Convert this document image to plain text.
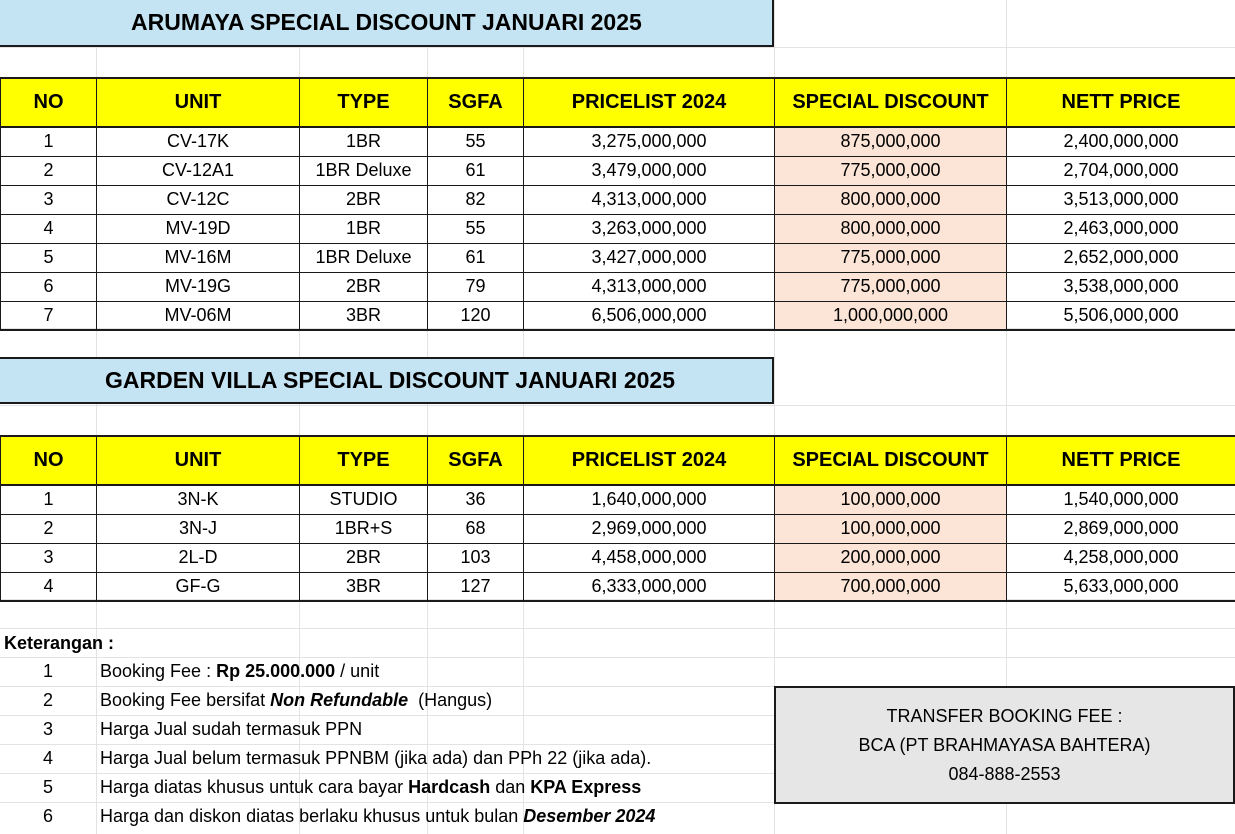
ARUMAYA SPECIAL DISCOUNT JANUARI 2025
NO	UNIT	TYPE	SGFA	PRICELIST 2024	SPECIAL DISCOUNT	NETT PRICE
1	CV-17K	1BR	55	3,275,000,000	875,000,000	2,400,000,000
2	CV-12A1	1BR Deluxe	61	3,479,000,000	775,000,000	2,704,000,000
3	CV-12C	2BR	82	4,313,000,000	800,000,000	3,513,000,000
4	MV-19D	1BR	55	3,263,000,000	800,000,000	2,463,000,000
5	MV-16M	1BR Deluxe	61	3,427,000,000	775,000,000	2,652,000,000
6	MV-19G	2BR	79	4,313,000,000	775,000,000	3,538,000,000
7	MV-06M	3BR	120	6,506,000,000	1,000,000,000	5,506,000,000
GARDEN VILLA SPECIAL DISCOUNT JANUARI 2025
NO	UNIT	TYPE	SGFA	PRICELIST 2024	SPECIAL DISCOUNT	NETT PRICE
1	3N-K	STUDIO	36	1,640,000,000	100,000,000	1,540,000,000
2	3N-J	1BR+S	68	2,969,000,000	100,000,000	2,869,000,000
3	2L-D	2BR	103	4,458,000,000	200,000,000	4,258,000,000
4	GF-G	3BR	127	6,333,000,000	700,000,000	5,633,000,000
Keterangan :
1	Booking Fee : Rp 25.000.000 / unit
2	Booking Fee bersifat Non Refundable  (Hangus)
3	Harga Jual sudah termasuk PPN
4	Harga Jual belum termasuk PPNBM (jika ada) dan PPh 22 (jika ada).
5	Harga diatas khusus untuk cara bayar Hardcash dan KPA Express
6	Harga dan diskon diatas berlaku khusus untuk bulan Desember 2024
TRANSFER BOOKING FEE :
BCA (PT BRAHMAYASA BAHTERA)
084-888-2553
